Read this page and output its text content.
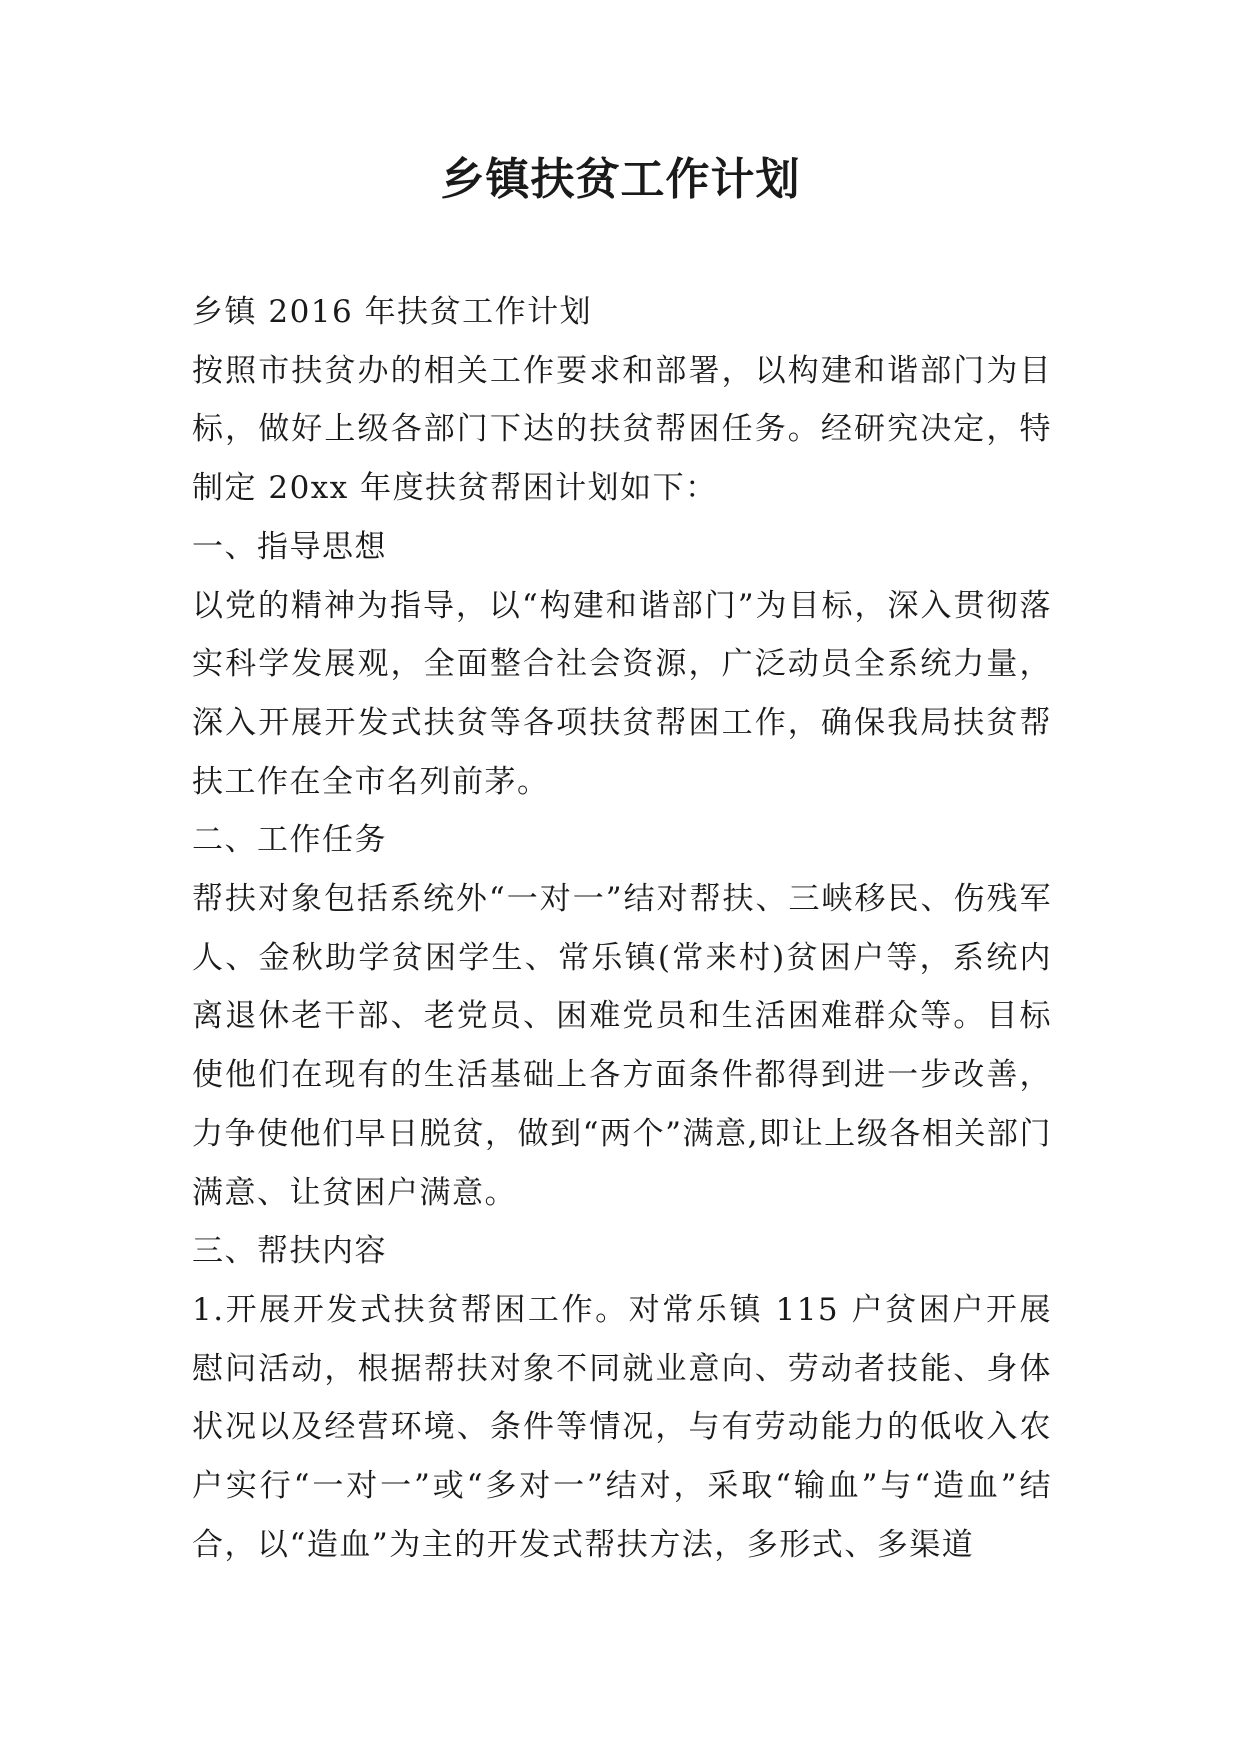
乡镇扶贫工作计划

乡镇 2016 年扶贫工作计划

按照市扶贫办的相关工作要求和部署，以构建和谐部门为目标，做好上级各部门下达的扶贫帮困任务。经研究决定，特制定 20xx 年度扶贫帮困计划如下：

一、指导思想

以党的精神为指导，以“构建和谐部门”为目标，深入贯彻落实科学发展观，全面整合社会资源，广泛动员全系统力量，深入开展开发式扶贫等各项扶贫帮困工作，确保我局扶贫帮扶工作在全市名列前茅。

二、工作任务

帮扶对象包括系统外“一对一”结对帮扶、三峡移民、伤残军人、金秋助学贫困学生、常乐镇(常来村)贫困户等，系统内离退休老干部、老党员、困难党员和生活困难群众等。目标使他们在现有的生活基础上各方面条件都得到进一步改善，力争使他们早日脱贫，做到“两个”满意,即让上级各相关部门满意、让贫困户满意。

三、帮扶内容

1.开展开发式扶贫帮困工作。对常乐镇 115 户贫困户开展慰问活动，根据帮扶对象不同就业意向、劳动者技能、身体状况以及经营环境、条件等情况，与有劳动能力的低收入农户实行“一对一”或“多对一”结对，采取“输血”与“造血”结合，以“造血”为主的开发式帮扶方法，多形式、多渠道
